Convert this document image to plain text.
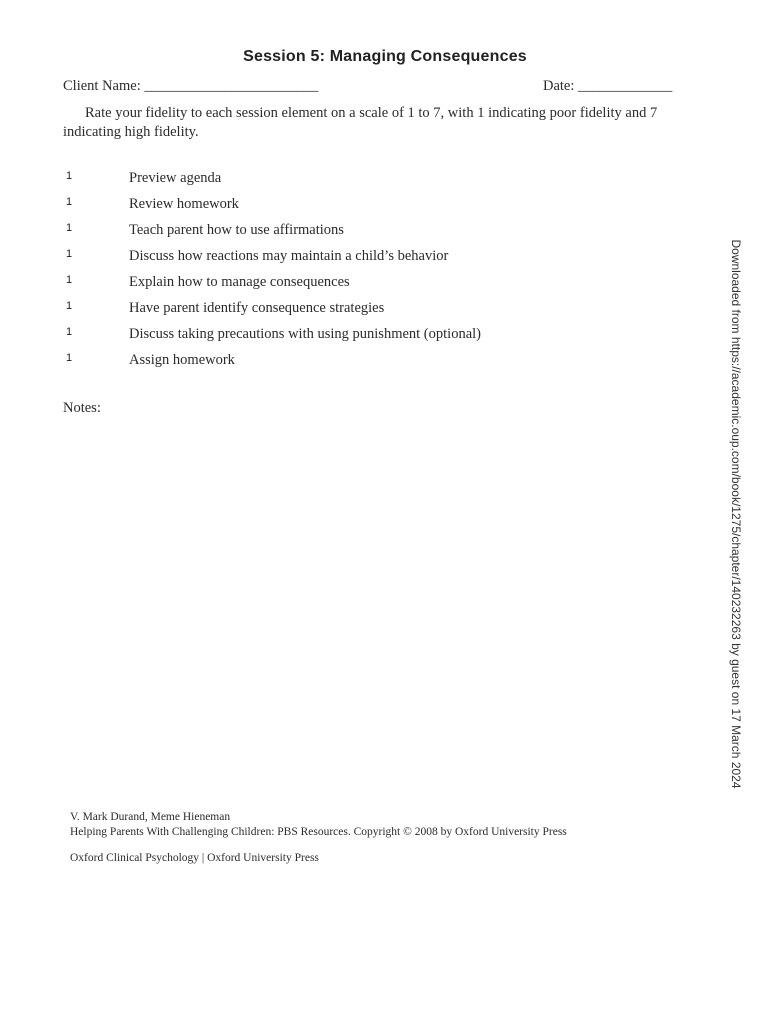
Session 5: Managing Consequences
Client Name: ________________________	Date: _____________
Rate your fidelity to each session element on a scale of 1 to 7, with 1 indicating poor fidelity and 7 indicating high fidelity.
1	Preview agenda
1	Review homework
1	Teach parent how to use affirmations
1	Discuss how reactions may maintain a child’s behavior
1	Explain how to manage consequences
1	Have parent identify consequence strategies
1	Discuss taking precautions with using punishment (optional)
1	Assign homework
Notes:	Downloaded from https://academic.oup.com/book/1275/chapter/140232263 by guest on 17 March 2024
V. Mark Durand, Meme Hieneman
Helping Parents With Challenging Children: PBS Resources. Copyright © 2008 by Oxford University Press
Oxford Clinical Psychology | Oxford University Press
